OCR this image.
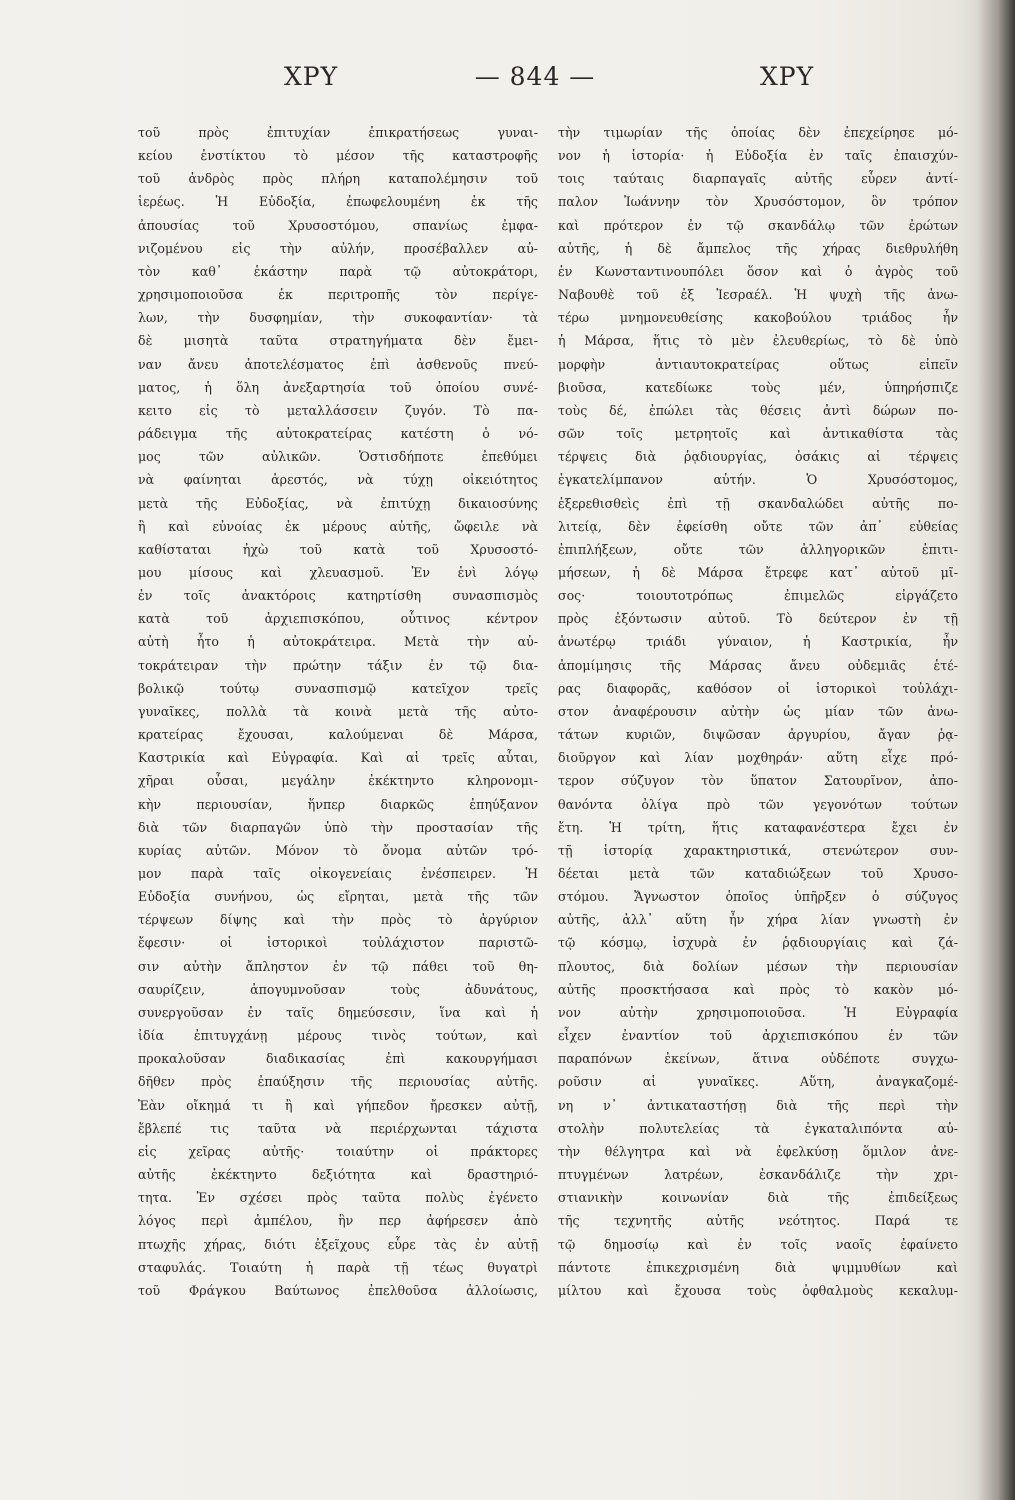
ΧΡΥ	— 844 —	ΧΡΥ
τοῦ πρὸς ἐπιτυχίαν ἐπικρατήσεως γυναι-
κείου ἐνστίκτου τὸ μέσον τῆς καταστροφῆς
τοῦ ἀνδρὸς πρὸς πλήρη καταπολέμησιν τοῦ
ἱερέως. Ἡ Εὐδοξία, ἐπωφελουμένη ἐκ τῆς
ἀπουσίας τοῦ Χρυσοστόμου, σπανίως ἐμφα-
νιζομένου εἰς τὴν αὐλήν, προσέβαλλεν αὐ-
τὸν καθ᾽ ἑκάστην παρὰ τῷ αὐτοκράτορι,
χρησιμοποιοῦσα ἐκ περιτροπῆς τὸν περίγε-
λων, τὴν δυσφημίαν, τὴν συκοφαντίαν· τὰ
δὲ μισητὰ ταῦτα στρατηγήματα δὲν ἔμει-
ναν ἄνευ ἀποτελέσματος ἐπὶ ἀσθενοῦς πνεύ-
ματος, ἡ ὅλη ἀνεξαρτησία τοῦ ὁποίου συνέ-
κειτο εἰς τὸ μεταλλάσσειν ζυγόν. Τὸ πα-
ράδειγμα τῆς αὐτοκρατείρας κατέστη ὁ νό-
μος τῶν αὐλικῶν. Ὁστισδήποτε ἐπεθύμει
νὰ φαίνηται ἀρεστός, νὰ τύχῃ οἰκειότητος
μετὰ τῆς Εὐδοξίας, νὰ ἐπιτύχῃ δικαιοσύνης
ἢ καὶ εὐνοίας ἐκ μέρους αὐτῆς, ὤφειλε νὰ
καθίσταται ἠχὼ τοῦ κατὰ τοῦ Χρυσοστό-
μου μίσους καὶ χλευασμοῦ. Ἐν ἑνὶ λόγῳ
ἐν τοῖς ἀνακτόροις κατηρτίσθη συνασπισμὸς
κατὰ τοῦ ἀρχιεπισκόπου, οὗτινος κέντρον
αὐτὴ ἦτο ἡ αὐτοκράτειρα. Μετὰ τὴν αὐ-
τοκράτειραν τὴν πρώτην τάξιν ἐν τῷ δια-
βολικῷ τούτῳ συνασπισμῷ κατεῖχον τρεῖς
γυναῖκες, πολλὰ τὰ κοινὰ μετὰ τῆς αὐτο-
κρατείρας ἔχουσαι, καλούμεναι δὲ Μάρσα,
Καστρικία καὶ Εὐγραφία. Καὶ αἱ τρεῖς αὗται,
χῆραι οὖσαι, μεγάλην ἐκέκτηντο κληρονομι-
κὴν περιουσίαν, ἥνπερ διαρκῶς ἐπηύξανον
διὰ τῶν διαρπαγῶν ὑπὸ τὴν προστασίαν τῆς
κυρίας αὐτῶν. Μόνον τὸ ὄνομα αὐτῶν τρό-
μον παρὰ ταῖς οἰκογενείαις ἐνέσπειρεν. Ἡ
Εὐδοξία συνήνου, ὡς εἴρηται, μετὰ τῆς τῶν
τέρψεων δίψης καὶ τὴν πρὸς τὸ ἀργύριον
ἔφεσιν· οἱ ἱστορικοὶ τοὐλάχιστον παριστῶ-
σιν αὐτὴν ἄπληστον ἐν τῷ πάθει τοῦ θη-
σαυρίζειν, ἀπογυμνοῦσαν τοὺς ἀδυνάτους,
συνεργοῦσαν ἐν ταῖς δημεύσεσιν, ἵνα καὶ ἡ
ἰδία ἐπιτυγχάνῃ μέρους τινὸς τούτων, καὶ
προκαλοῦσαν διαδικασίας ἐπὶ κακουργήμασι
δῆθεν πρὸς ἐπαύξησιν τῆς περιουσίας αὐτῆς.
Ἐὰν οἴκημά τι ἢ καὶ γήπεδον ἤρεσκεν αὐτῇ,
ἔβλεπέ τις ταῦτα νὰ περιέρχωνται τάχιστα
εἰς χεῖρας αὐτῆς· τοιαύτην οἱ πράκτορες
αὐτῆς ἐκέκτηντο δεξιότητα καὶ δραστηριό-
τητα. Ἐν σχέσει πρὸς ταῦτα πολὺς ἐγένετο
λόγος περὶ ἀμπέλου, ἣν περ ἀφήρεσεν ἀπὸ
πτωχῆς χήρας, διότι ἐξεῖχους εὗρε τὰς ἐν αὐτῇ
σταφυλάς. Τοιαύτη ἡ παρὰ τῇ τέως θυγατρὶ
τοῦ Φράγκου Βαύτωνος ἐπελθοῦσα ἀλλοίωσις,
τὴν τιμωρίαν τῆς ὁποίας δὲν ἐπεχείρησε μό-
νον ἡ ἱστορία· ἡ Εὐδοξία ἐν ταῖς ἐπαισχύν-
τοις ταύταις διαρπαγαῖς αὐτῆς εὗρεν ἀντί-
παλον Ἰωάννην τὸν Χρυσόστομον, ὃν τρόπον
καὶ πρότερον ἐν τῷ σκανδάλῳ τῶν ἐρώτων
αὐτῆς, ἡ δὲ ἄμπελος τῆς χήρας διεθρυλήθη
ἐν Κωνσταντινουπόλει ὅσον καὶ ὁ ἀγρὸς τοῦ
Ναβουθὲ τοῦ ἐξ Ἰεσραέλ. Ἡ ψυχὴ τῆς ἀνω-
τέρω μνημονευθείσης κακοβούλου τριάδος ἦν
ἡ Μάρσα, ἥτις τὸ μὲν ἐλευθερίως, τὸ δὲ ὑπὸ
μορφὴν ἀντιαυτοκρατείρας οὕτως εἰπεῖν
βιοῦσα, κατεδίωκε τοὺς μέν, ὑπηρήσπιζε
τοὺς δέ, ἐπώλει τὰς θέσεις ἀντὶ δώρων πο-
σῶν τοῖς μετρητοῖς καὶ ἀντικαθίστα τὰς
τέρψεις διὰ ῥᾳδιουργίας, ὁσάκις αἱ τέρψεις
ἐγκατελίμπανον αὐτήν. Ὁ Χρυσόστομος,
ἐξερεθισθεὶς ἐπὶ τῇ σκανδαλώδει αὐτῆς πο-
λιτείᾳ, δὲν ἐφείσθη οὔτε τῶν ἀπ᾽ εὐθείας
ἐπιπλήξεων, οὔτε τῶν ἀλληγορικῶν ἐπιτι-
μήσεων, ἡ δὲ Μάρσα ἔτρεφε κατ᾽ αὐτοῦ μῖ-
σος· τοιουτοτρόπως ἐπιμελῶς εἰργάζετο
πρὸς ἐξόντωσιν αὐτοῦ. Τὸ δεύτερον ἐν τῇ
ἀνωτέρῳ τριάδι γύναιον, ἡ Καστρικία, ἦν
ἀπομίμησις τῆς Μάρσας ἄνευ οὐδεμιᾶς ἑτέ-
ρας διαφορᾶς, καθόσον οἱ ἱστορικοὶ τοὐλάχι-
στον ἀναφέρουσιν αὐτὴν ὡς μίαν τῶν ἀνω-
τάτων κυριῶν, διψῶσαν ἀργυρίου, ἄγαν ῥᾳ-
διοῦργον καὶ λίαν μοχθηράν· αὕτη εἶχε πρό-
τερον σύζυγον τὸν ὕπατον Σατουρῖνον, ἀπο-
θανόντα ὀλίγα πρὸ τῶν γεγονότων τούτων
ἔτη. Ἡ τρίτη, ἥτις καταφανέστερα ἔχει ἐν
τῇ ἱστορίᾳ χαρακτηριστικά, στενώτερον συν-
δέεται μετὰ τῶν καταδιώξεων τοῦ Χρυσο-
στόμου. Ἄγνωστον ὁποῖος ὑπῆρξεν ὁ σύζυγος
αὐτῆς, ἀλλ᾽ αὕτη ἦν χήρα λίαν γνωστὴ ἐν
τῷ κόσμῳ, ἰσχυρὰ ἐν ῥᾳδιουργίαις καὶ ζά-
πλουτος, διὰ δολίων μέσων τὴν περιουσίαν
αὐτῆς προσκτήσασα καὶ πρὸς τὸ κακὸν μό-
νον αὐτὴν χρησιμοποιοῦσα. Ἡ Εὐγραφία
εἶχεν ἐναντίον τοῦ ἀρχιεπισκόπου ἐν τῶν
παραπόνων ἐκείνων, ἅτινα οὐδέποτε συγχω-
ροῦσιν αἱ γυναῖκες. Αὕτη, ἀναγκαζομέ-
νη ν᾽ ἀντικαταστήσῃ διὰ τῆς περὶ τὴν
στολὴν πολυτελείας τὰ ἐγκαταλιπόντα αὐ-
τὴν θέλγητρα καὶ νὰ ἐφελκύσῃ ὅμιλον ἀνε-
πτυγμένων λατρέων, ἐσκανδάλιζε τὴν χρι-
στιανικὴν κοινωνίαν διὰ τῆς ἐπιδείξεως
τῆς τεχνητῆς αὐτῆς νεότητος. Παρά τε
τῷ δημοσίῳ καὶ ἐν τοῖς ναοῖς ἐφαίνετο
πάντοτε ἐπικεχρισμένη διὰ ψιμμυθίων καὶ
μίλτου καὶ ἔχουσα τοὺς ὀφθαλμοὺς κεκαλυμ-
